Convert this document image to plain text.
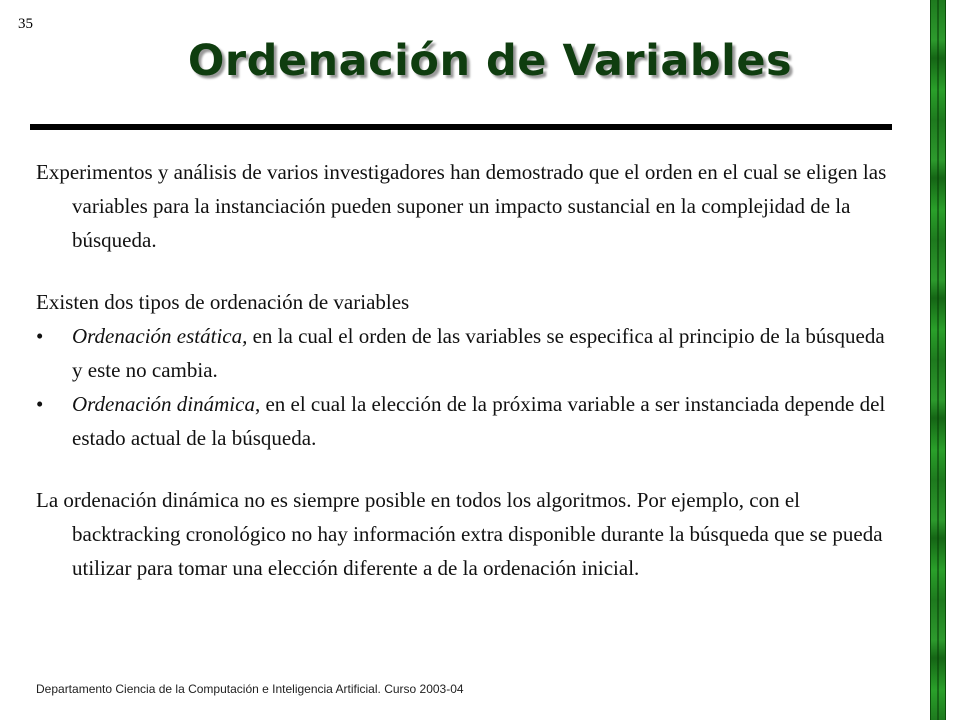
35
Ordenación de Variables

Experimentos y análisis de varios investigadores han demostrado que el orden en el cual se eligen las variables para la instanciación pueden suponer un impacto sustancial en la complejidad de la búsqueda.

Existen dos tipos de ordenación de variables

• Ordenación estática, en la cual el orden de las variables se especifica al principio de la búsqueda y este no cambia.

• Ordenación dinámica, en el cual la elección de la próxima variable a ser instanciada depende del estado actual de la búsqueda.

La ordenación dinámica no es siempre posible en todos los algoritmos. Por ejemplo, con el backtracking cronológico no hay información extra disponible durante la búsqueda que se pueda utilizar para tomar una elección diferente a de la ordenación inicial.

Departamento Ciencia de la Computación e Inteligencia Artificial. Curso 2003-04
